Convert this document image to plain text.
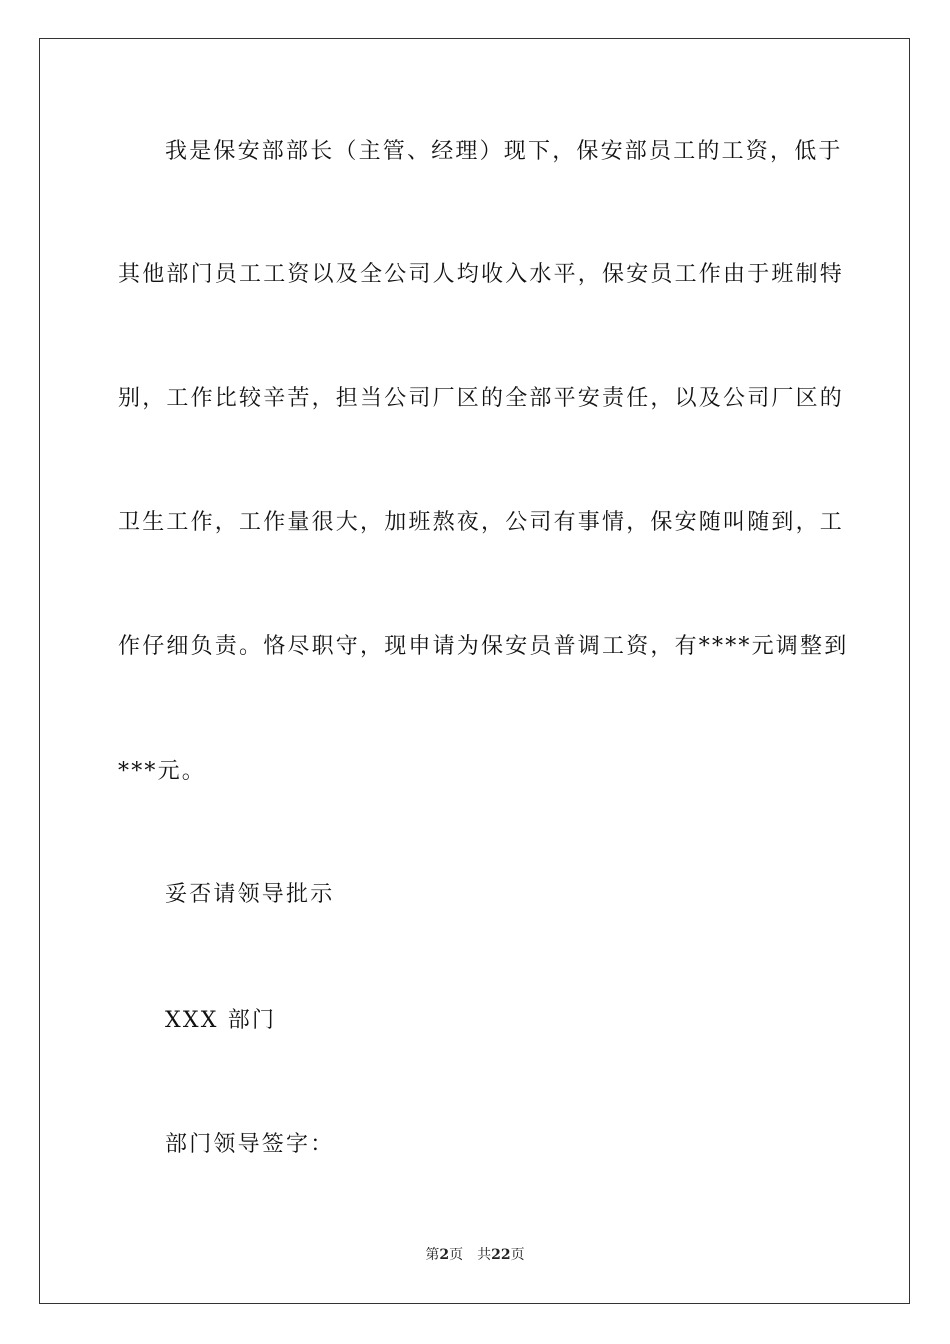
我是保安部部长（主管、经理）现下，保安部员工的工资，低于
其他部门员工工资以及全公司人均收入水平，保安员工作由于班制特
别，工作比较辛苦，担当公司厂区的全部平安责任，以及公司厂区的
卫生工作，工作量很大，加班熬夜，公司有事情，保安随叫随到，工
作仔细负责。恪尽职守，现申请为保安员普调工资，有****元调整到
***元。
妥否请领导批示
XXX 部门
部门领导签字：
第2页 共22页
